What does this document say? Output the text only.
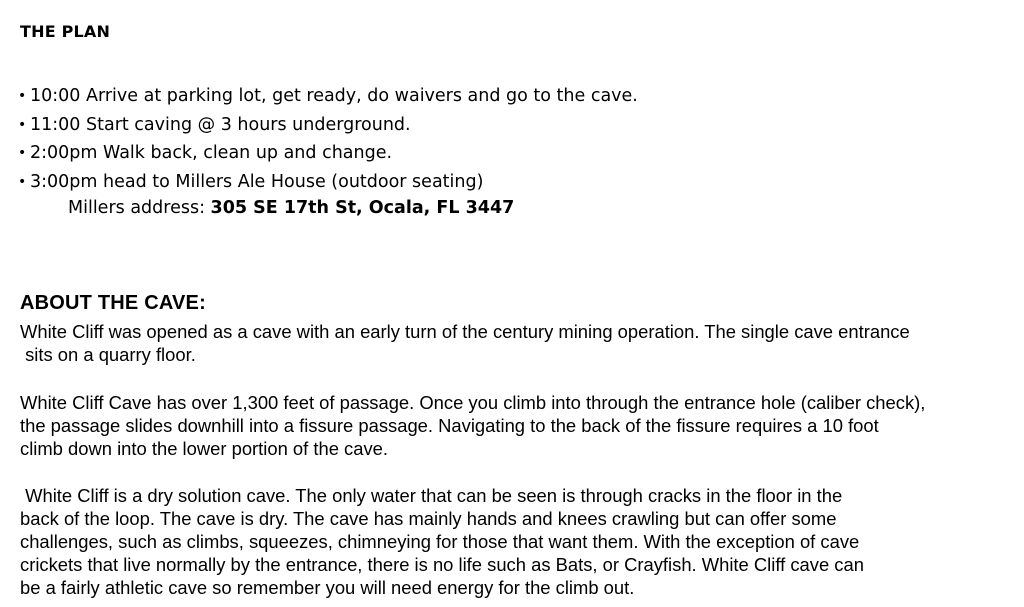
THE PLAN
• 10:00 Arrive at parking lot, get ready, do waivers and go to the cave.
• 11:00 Start caving @ 3 hours underground.
• 2:00pm Walk back, clean up and change.
• 3:00pm head to Millers Ale House (outdoor seating)
Millers address: 305 SE 17th St, Ocala, FL 3447
ABOUT THE CAVE:

White Cliff was opened as a cave with an early turn of the century mining operation. The single cave entrance
sits on a quarry floor.

White Cliff Cave has over 1,300 feet of passage. Once you climb into through the entrance hole (caliber check),
the passage slides downhill into a fissure passage. Navigating to the back of the fissure requires a 10 foot
climb down into the lower portion of the cave.

White Cliff is a dry solution cave. The only water that can be seen is through cracks in the floor in the
back of the loop. The cave is dry. The cave has mainly hands and knees crawling but can offer some
challenges, such as climbs, squeezes, chimneying for those that want them. With the exception of cave
crickets that live normally by the entrance, there is no life such as Bats, or Crayfish. White Cliff cave can
be a fairly athletic cave so remember you will need energy for the climb out.
